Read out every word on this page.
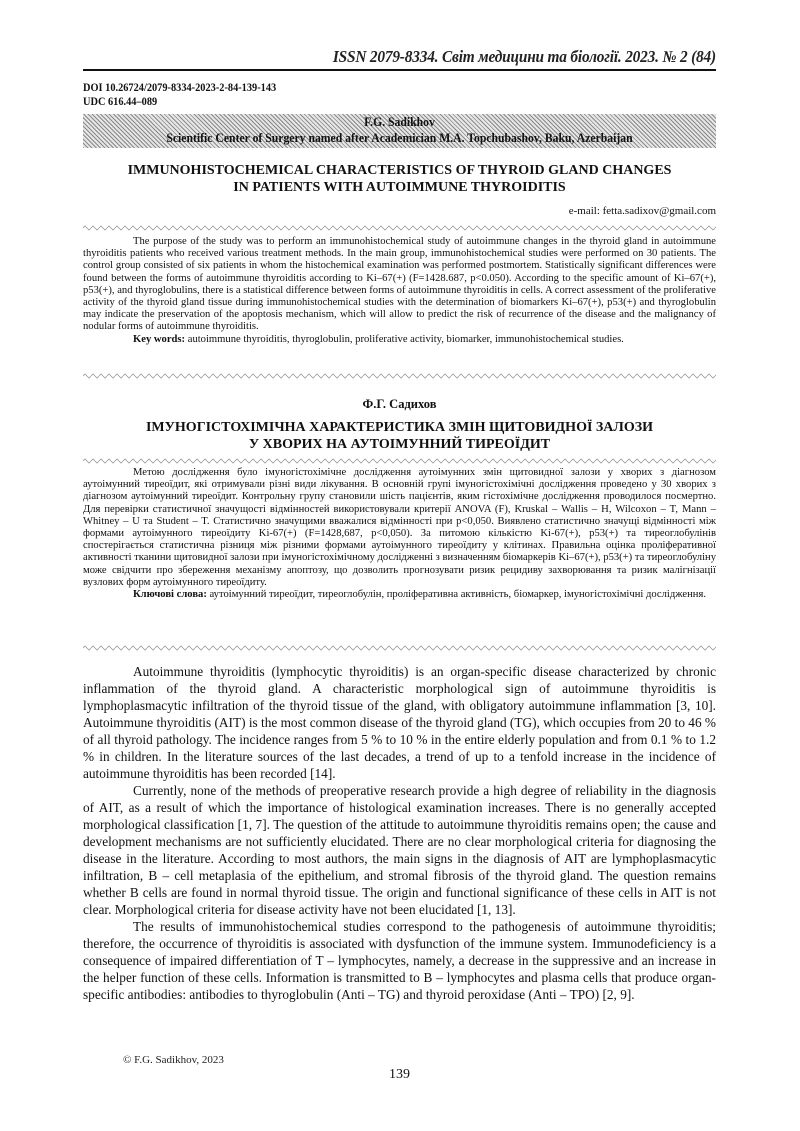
ISSN 2079-8334. Світ медицини та біології. 2023. № 2 (84)
DOI 10.26724/2079-8334-2023-2-84-139-143
UDC 616.44–089
F.G. Sadikhov
Scientific Center of Surgery named after Academician M.A. Topchubashov, Baku, Azerbaijan
IMMUNOHISTOCHEMICAL CHARACTERISTICS OF THYROID GLAND CHANGES
IN PATIENTS WITH AUTOIMMUNE THYROIDITIS
e-mail: fetta.sadixov@gmail.com

The purpose of the study was to perform an immunohistochemical study of autoimmune changes in the thyroid gland in autoimmune thyroiditis patients who received various treatment methods. In the main group, immunohistochemical studies were performed on 30 patients. The control group consisted of six patients in whom the histochemical examination was performed postmortem. Statistically significant differences were found between the forms of autoimmune thyroiditis according to Ki–67(+) (F=1428.687, p<0.050). According to the specific amount of Ki–67(+), p53(+), and thyroglobulins, there is a statistical difference between forms of autoimmune thyroiditis in cells. A correct assessment of the proliferative activity of the thyroid gland tissue during immunohistochemical studies with the determination of biomarkers Ki–67(+), p53(+) and thyroglobulin may indicate the preservation of the apoptosis mechanism, which will allow to predict the risk of recurrence of the disease and the malignancy of nodular forms of autoimmune thyroiditis.

Key words: autoimmune thyroiditis, thyroglobulin, proliferative activity, biomarker, immunohistochemical studies.

Ф.Г. Садихов
ІМУНОГІСТОХІМІЧНА ХАРАКТЕРИСТИКА ЗМІН ЩИТОВИДНОЇ ЗАЛОЗИ
У ХВОРИХ НА АУТОІМУННИЙ ТИРЕОЇДИТ

Метою дослідження було імуногістохімічне дослідження аутоімунних змін щитовидної залози у хворих з діагнозом аутоімунний тиреоїдит, які отримували різні види лікування. В основній групі імуногістохімічні дослідження проведено у 30 хворих з діагнозом аутоімунний тиреоїдит. Контрольну групу становили шість пацієнтів, яким гістохімічне дослідження проводилося посмертно. Для перевірки статистичної значущості відмінностей використовували критерії ANOVA (F), Kruskal – Wallis – H, Wilcoxon – T, Mann – Whitney – U та Student – T. Статистично значущими вважалися відмінності при p<0,050. Виявлено статистично значущі відмінності між формами аутоімунного тиреоїдиту Ki-67(+) (F=1428,687, p<0,050). За питомою кількістю Ki-67(+), p53(+) та тиреоглобулінів спостерігається статистична різниця між різними формами аутоімунного тиреоїдиту у клітинах. Правильна оцінка проліферативної активності тканини щитовидної залози при імуногістохімічному дослідженні з визначенням біомаркерів Ki–67(+), p53(+) та тиреоглобуліну може свідчити про збереження механізму апоптозу, що дозволить прогнозувати ризик рецидиву захворювання та ризик малігнізації вузлових форм аутоімунного тиреоїдиту.

Ключові слова: аутоімунний тиреоїдит, тиреоглобулін, проліферативна активність, біомаркер, імуногістохімічні дослідження.

Autoimmune thyroiditis (lymphocytic thyroiditis) is an organ-specific disease characterized by chronic inflammation of the thyroid gland. A characteristic morphological sign of autoimmune thyroiditis is lymphoplasmacytic infiltration of the thyroid tissue of the gland, with obligatory autoimmune inflammation [3, 10]. Autoimmune thyroiditis (AIT) is the most common disease of the thyroid gland (TG), which occupies from 20 to 46 % of all thyroid pathology. The incidence ranges from 5 % to 10 % in the entire elderly population and from 0.1 % to 1.2 % in children. In the literature sources of the last decades, a trend of up to a tenfold increase in the incidence of autoimmune thyroiditis has been recorded [14].

Currently, none of the methods of preoperative research provide a high degree of reliability in the diagnosis of AIT, as a result of which the importance of histological examination increases. There is no generally accepted morphological classification [1, 7]. The question of the attitude to autoimmune thyroiditis remains open; the cause and development mechanisms are not sufficiently elucidated. There are no clear morphological criteria for diagnosing the disease in the literature. According to most authors, the main signs in the diagnosis of AIT are lymphoplasmacytic infiltration, B – cell metaplasia of the epithelium, and stromal fibrosis of the thyroid gland. The question remains whether B cells are found in normal thyroid tissue. The origin and functional significance of these cells in AIT is not clear. Morphological criteria for disease activity have not been elucidated [1, 13].

The results of immunohistochemical studies correspond to the pathogenesis of autoimmune thyroiditis; therefore, the occurrence of thyroiditis is associated with dysfunction of the immune system. Immunodeficiency is a consequence of impaired differentiation of T – lymphocytes, namely, a decrease in the suppressive and an increase in the helper function of these cells. Information is transmitted to B – lymphocytes and plasma cells that produce organ-specific antibodies: antibodies to thyroglobulin (Anti – TG) and thyroid peroxidase (Anti – TPO) [2, 9].

© F.G. Sadikhov, 2023
139
